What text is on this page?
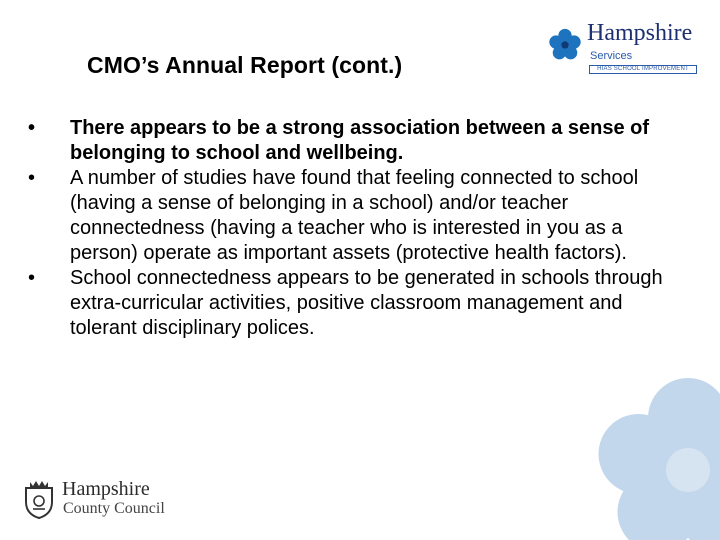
CMO’s Annual Report (cont.)
Hampshire
Services
HIAS SCHOOL IMPROVEMENT
• There appears to be a strong association between a sense of belonging to school and wellbeing.
• A number of studies have found that feeling connected to school (having a sense of belonging in a school) and/or teacher connectedness (having a teacher who is interested in you as a person) operate as important assets (protective health factors).
• School connectedness appears to be generated in schools through extra-curricular activities, positive classroom management and tolerant disciplinary polices.
Hampshire
County Council
